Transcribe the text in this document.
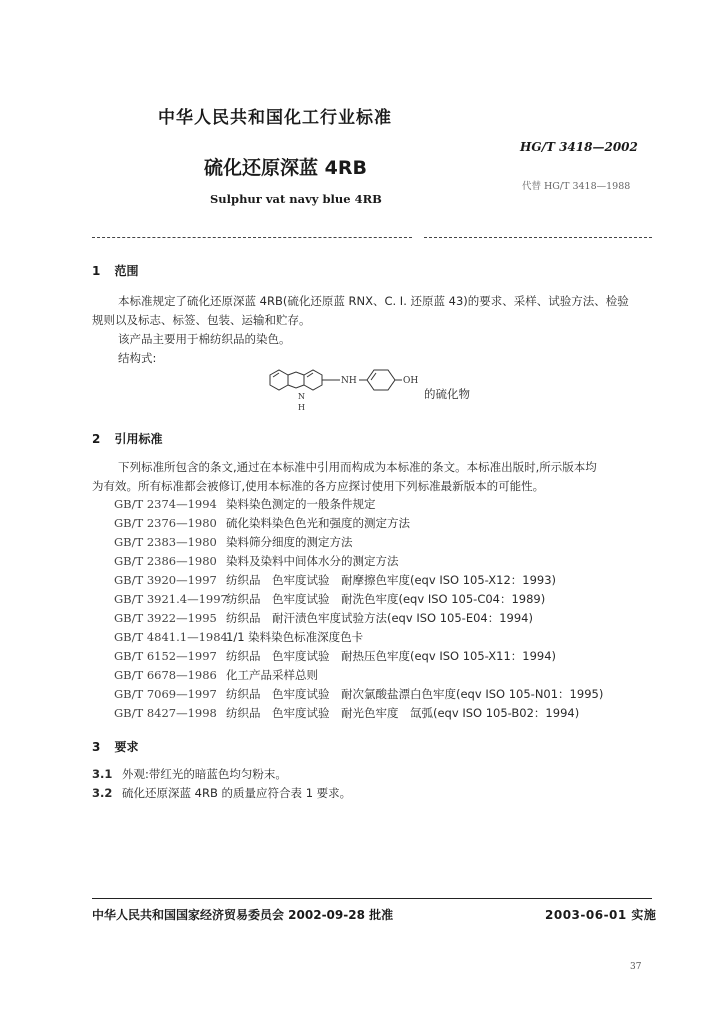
中华人民共和国化工行业标准
HG/T 3418—2002
硫化还原深蓝 4RB
代替 HG/T 3418—1988
Sulphur vat navy blue 4RB
1 范围
本标准规定了硫化还原深蓝 4RB(硫化还原蓝 RNX、C. I. 还原蓝 43)的要求、采样、试验方法、检验
规则以及标志、标签、包装、运输和贮存。
该产品主要用于棉纺织品的染色。
结构式:
N
H
NH	OH
的硫化物
2 引用标准
下列标准所包含的条文,通过在本标准中引用而构成为本标准的条文。本标准出版时,所示版本均
为有效。所有标准都会被修订,使用本标准的各方应探讨使用下列标准最新版本的可能性。
GB/T 2374—1994 染料染色测定的一般条件规定
GB/T 2376—1980 硫化染料染色色光和强度的测定方法
GB/T 2383—1980 染料筛分细度的测定方法
GB/T 2386—1980 染料及染料中间体水分的测定方法
GB/T 3920—1997 纺织品　色牢度试验　耐摩擦色牢度(eqv ISO 105-X12：1993)
GB/T 3921.4—1997纺织品　色牢度试验　耐洗色牢度(eqv ISO 105-C04：1989)
GB/T 3922—1995 纺织品　耐汗渍色牢度试验方法(eqv ISO 105-E04：1994)
GB/T 4841.1—19841/1 染料染色标准深度色卡
GB/T 6152—1997 纺织品　色牢度试验　耐热压色牢度(eqv ISO 105-X11：1994)
GB/T 6678—1986 化工产品采样总则
GB/T 7069—1997 纺织品　色牢度试验　耐次氯酸盐漂白色牢度(eqv ISO 105-N01：1995)
GB/T 8427—1998 纺织品　色牢度试验　耐光色牢度　氙弧(eqv ISO 105-B02：1994)
3 要求
3.1 外观:带红光的暗蓝色均匀粉末。
3.2 硫化还原深蓝 4RB 的质量应符合表 1 要求。
中华人民共和国国家经济贸易委员会 2002-09-28 批准	2003-06-01 实施
37
